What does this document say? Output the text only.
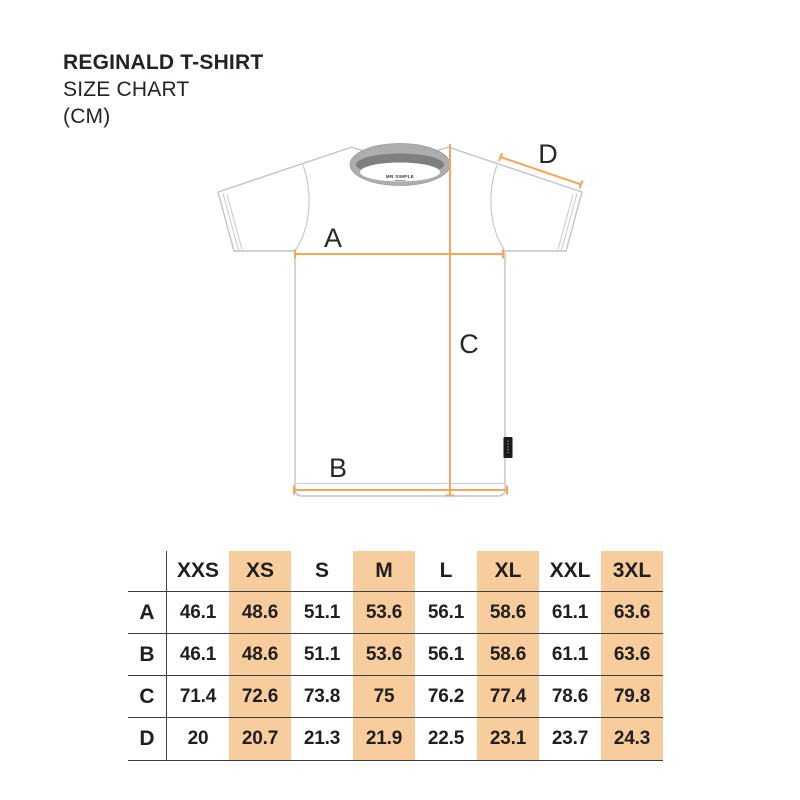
REGINALD T-SHIRT
SIZE CHART
(CM)
MR SIMPLE
A
B
C
D
XXS	XS	S	M	L	XL	XXL	3XL
A	46.1	48.6	51.1	53.6	56.1	58.6	61.1	63.6
B	46.1	48.6	51.1	53.6	56.1	58.6	61.1	63.6
C	71.4	72.6	73.8	75	76.2	77.4	78.6	79.8
D	20	20.7	21.3	21.9	22.5	23.1	23.7	24.3
